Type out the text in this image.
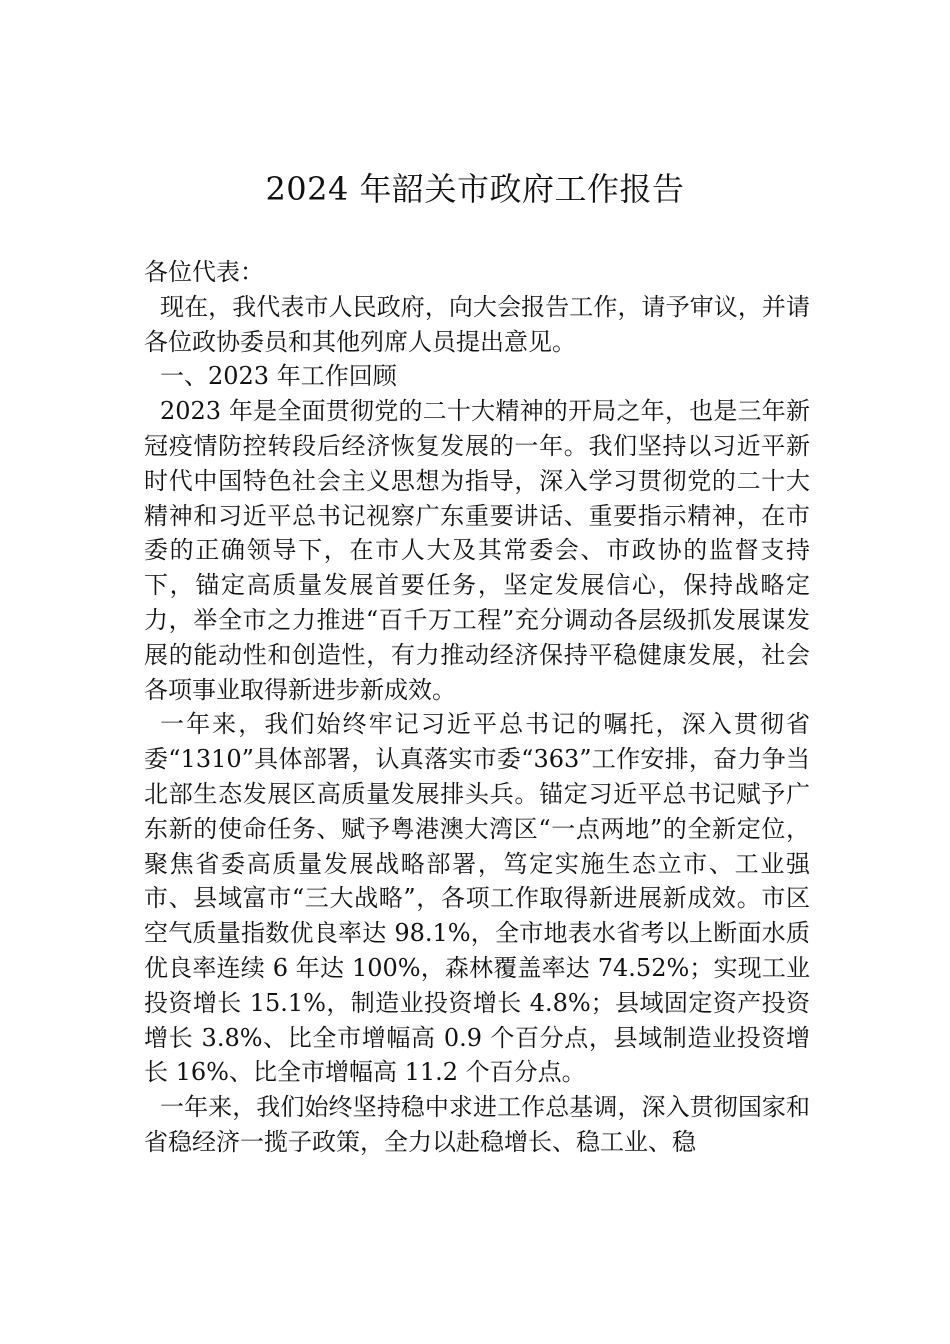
2024 年韶关市政府工作报告

各位代表：

现在，我代表市人民政府，向大会报告工作，请予审议，并请各位政协委员和其他列席人员提出意见。

一、2023 年工作回顾

2023 年是全面贯彻党的二十大精神的开局之年，也是三年新冠疫情防控转段后经济恢复发展的一年。我们坚持以习近平新时代中国特色社会主义思想为指导，深入学习贯彻党的二十大精神和习近平总书记视察广东重要讲话、重要指示精神，在市委的正确领导下，在市人大及其常委会、市政协的监督支持下，锚定高质量发展首要任务，坚定发展信心，保持战略定力，举全市之力推进“百千万工程”充分调动各层级抓发展谋发展的能动性和创造性，有力推动经济保持平稳健康发展，社会各项事业取得新进步新成效。

一年来，我们始终牢记习近平总书记的嘱托，深入贯彻省委“1310”具体部署，认真落实市委“363”工作安排，奋力争当北部生态发展区高质量发展排头兵。锚定习近平总书记赋予广东新的使命任务、赋予粤港澳大湾区“一点两地”的全新定位，聚焦省委高质量发展战略部署，笃定实施生态立市、工业强市、县域富市“三大战略”，各项工作取得新进展新成效。市区空气质量指数优良率达 98.1%，全市地表水省考以上断面水质优良率连续 6 年达 100%，森林覆盖率达 74.52%；实现工业投资增长 15.1%，制造业投资增长 4.8%；县域固定资产投资增长 3.8%、比全市增幅高 0.9 个百分点，县域制造业投资增长 16%、比全市增幅高 11.2 个百分点。

一年来，我们始终坚持稳中求进工作总基调，深入贯彻国家和省稳经济一揽子政策，全力以赴稳增长、稳工业、稳
